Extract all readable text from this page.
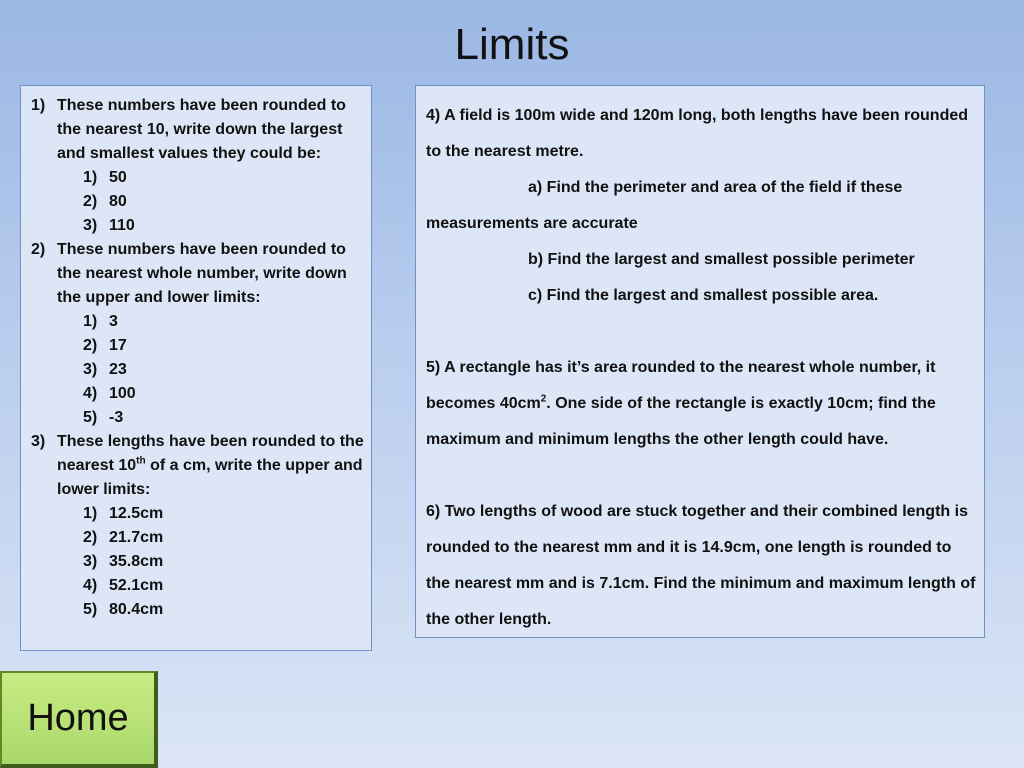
Limits
1) These numbers have been rounded to the nearest 10, write down the largest and smallest values they could be:
1) 50
2) 80
3) 110
2) These numbers have been rounded to the nearest whole number, write down the upper and lower limits:
1) 3
2) 17
3) 23
4) 100
5) -3
3) These lengths have been rounded to the nearest 10th of a cm, write the upper and lower limits:
1) 12.5cm
2) 21.7cm
3) 35.8cm
4) 52.1cm
5) 80.4cm

4) A field is 100m wide and 120m long, both lengths have been rounded to the nearest metre.

a) Find the perimeter and area of the field if these

measurements are accurate

b) Find the largest and smallest possible perimeter

c) Find the largest and smallest possible area.

5) A rectangle has it’s area rounded to the nearest whole number, it becomes $40cm^2$. One side of the rectangle is exactly 10cm; find the maximum and minimum lengths the other length could have.

6) Two lengths of wood are stuck together and their combined length is rounded to the nearest mm and it is 14.9cm, one length is rounded to the nearest mm and is 7.1cm. Find the minimum and maximum length of the other length.

Home
